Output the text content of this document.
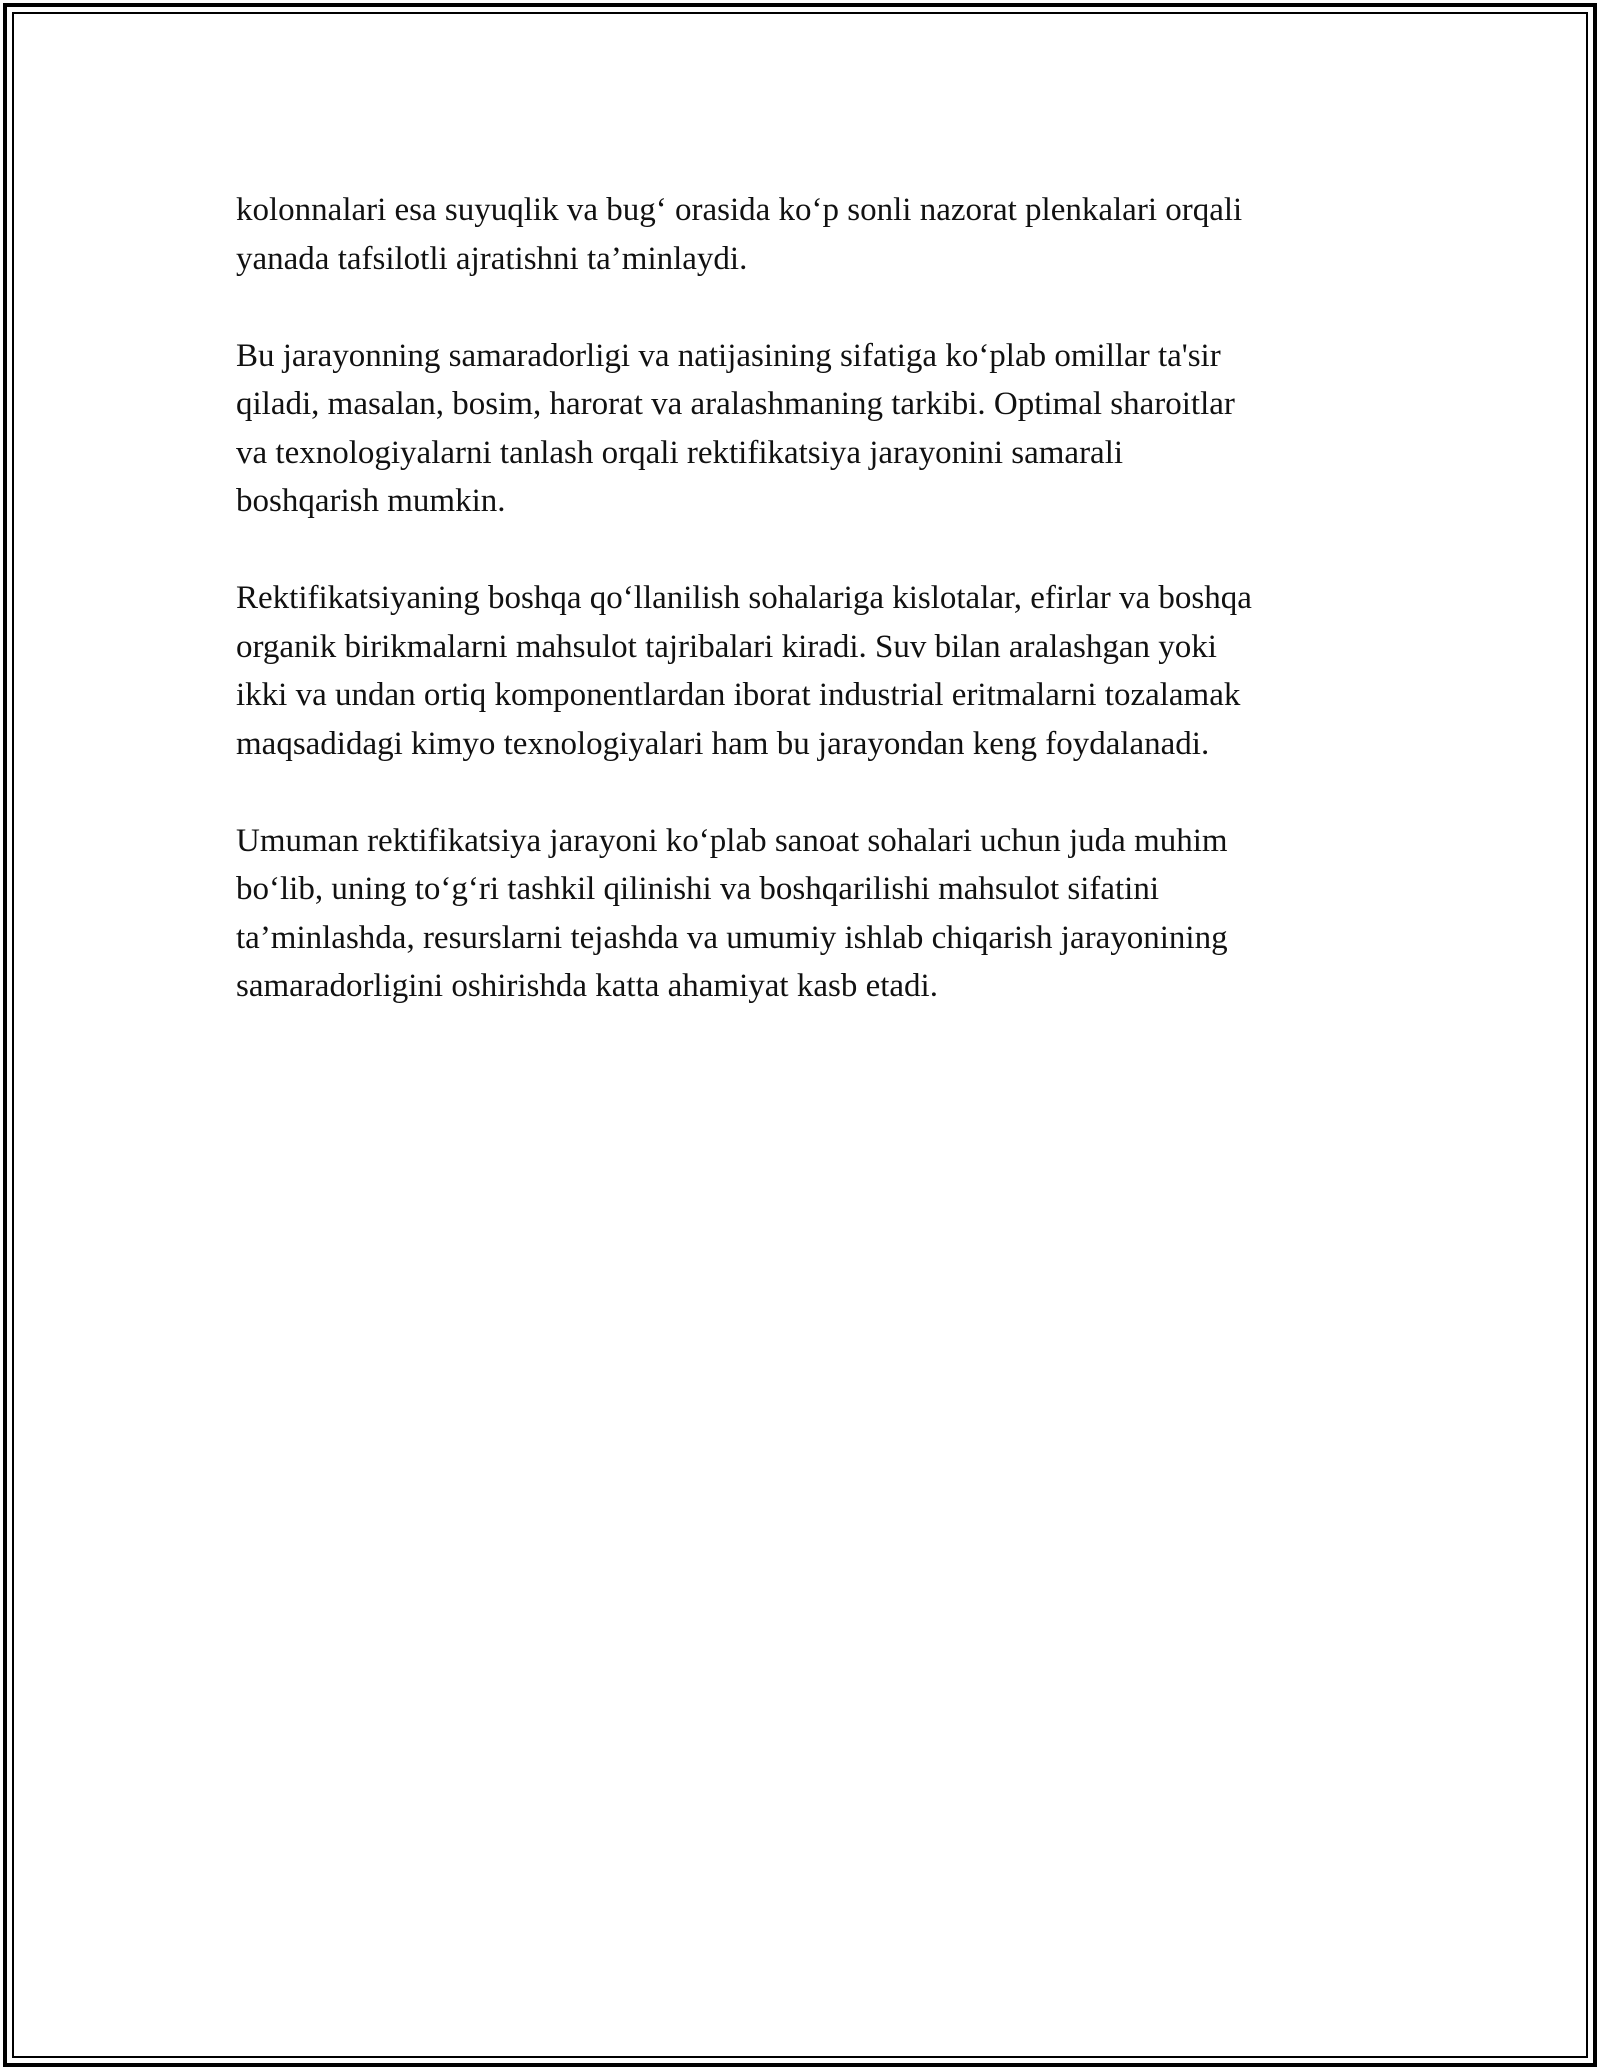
kolonnalari esa suyuqlik va bug‘ orasida ko‘p sonli nazorat plenkalari orqali
yanada tafsilotli ajratishni ta’minlaydi.

Bu jarayonning samaradorligi va natijasining sifatiga ko‘plab omillar ta'sir
qiladi, masalan, bosim, harorat va aralashmaning tarkibi. Optimal sharoitlar
va texnologiyalarni tanlash orqali rektifikatsiya jarayonini samarali
boshqarish mumkin.

Rektifikatsiyaning boshqa qo‘llanilish sohalariga kislotalar, efirlar va boshqa
organik birikmalarni mahsulot tajribalari kiradi. Suv bilan aralashgan yoki
ikki va undan ortiq komponentlardan iborat industrial eritmalarni tozalamak
maqsadidagi kimyo texnologiyalari ham bu jarayondan keng foydalanadi.

Umuman rektifikatsiya jarayoni ko‘plab sanoat sohalari uchun juda muhim
bo‘lib, uning to‘g‘ri tashkil qilinishi va boshqarilishi mahsulot sifatini
ta’minlashda, resurslarni tejashda va umumiy ishlab chiqarish jarayonining
samaradorligini oshirishda katta ahamiyat kasb etadi.
